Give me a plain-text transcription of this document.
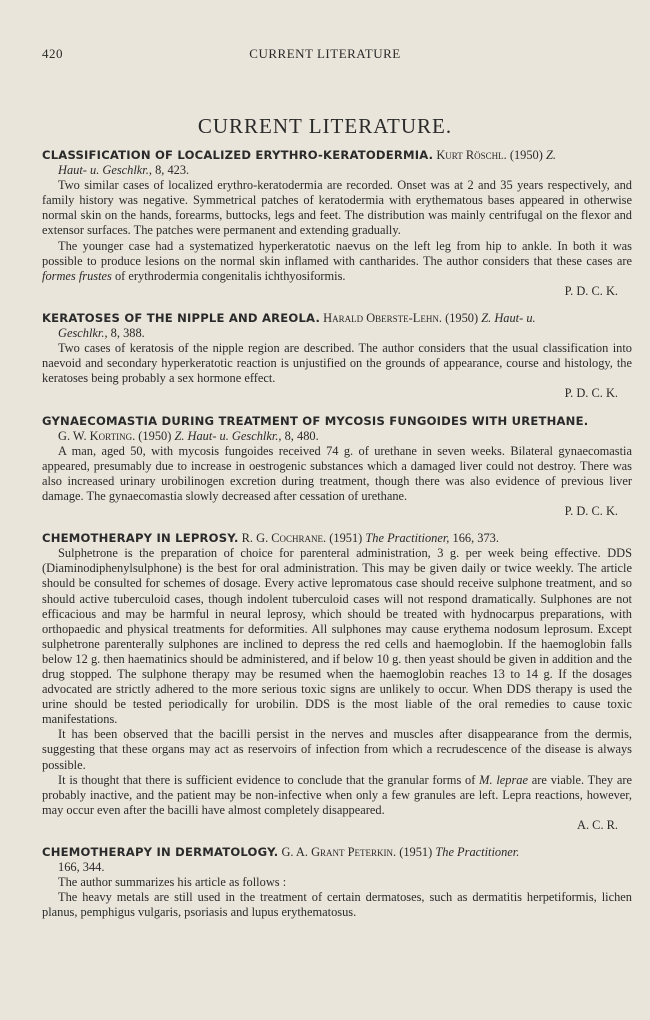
420	CURRENT LITERATURE
CURRENT LITERATURE.

CLASSIFICATION OF LOCALIZED ERYTHRO-KERATODERMIA. Kurt Röschl. (1950) Z.
Haut- u. Geschlkr., 8, 423.

Two similar cases of localized erythro-keratodermia are recorded. Onset was at 2 and 35 years respectively, and family history was negative. Symmetrical patches of keratodermia with erythematous bases appeared in otherwise normal skin on the hands, forearms, buttocks, legs and feet. The distribution was mainly centrifugal on the flexor and extensor surfaces. The patches were permanent and extending gradually.

The younger case had a systematized hyperkeratotic naevus on the left leg from hip to ankle. In both it was possible to produce lesions on the normal skin inflamed with cantharides. The author considers that these cases are formes frustes of erythrodermia congenitalis ichthyosiformis.

P. D. C. K.

KERATOSES OF THE NIPPLE AND AREOLA. Harald Oberste-Lehn. (1950) Z. Haut- u.
Geschlkr., 8, 388.

Two cases of keratosis of the nipple region are described. The author considers that the usual classification into naevoid and secondary hyperkeratotic reaction is unjustified on the grounds of appearance, course and histology, the keratoses being probably a sex hormone effect.

P. D. C. K.

GYNAECOMASTIA DURING TREATMENT OF MYCOSIS FUNGOIDES WITH URETHANE.
G. W. Korting. (1950) Z. Haut- u. Geschlkr., 8, 480.

A man, aged 50, with mycosis fungoides received 74 g. of urethane in seven weeks. Bilateral gynaecomastia appeared, presumably due to increase in oestrogenic substances which a damaged liver could not destroy. There was also increased urinary urobilinogen excretion during treatment, though there was also evidence of previous liver damage. The gynaecomastia slowly decreased after cessation of urethane.

P. D. C. K.

CHEMOTHERAPY IN LEPROSY. R. G. Cochrane. (1951) The Practitioner, 166, 373.

Sulphetrone is the preparation of choice for parenteral administration, 3 g. per week being effective. DDS (Diaminodiphenylsulphone) is the best for oral administration. This may be given daily or twice weekly. The article should be consulted for schemes of dosage. Every active lepromatous case should receive sulphone treatment, and so should active tuberculoid cases, though indolent tuberculoid cases will not respond dramatically. Sulphones are not efficacious and may be harmful in neural leprosy, which should be treated with hydnocarpus preparations, with orthopaedic and physical treatments for deformities. All sulphones may cause erythema nodosum leprosum. Except sulphetrone parenterally sulphones are inclined to depress the red cells and haemoglobin. If the haemoglobin falls below 12 g. then haematinics should be administered, and if below 10 g. then yeast should be given in addition and the drug stopped. The sulphone therapy may be resumed when the haemoglobin reaches 13 to 14 g. If the dosages advocated are strictly adhered to the more serious toxic signs are unlikely to occur. When DDS therapy is used the urine should be tested periodically for urobilin. DDS is the most liable of the oral remedies to cause toxic manifestations.

It has been observed that the bacilli persist in the nerves and muscles after disappearance from the dermis, suggesting that these organs may act as reservoirs of infection from which a recrudescence of the disease is always possible.

It is thought that there is sufficient evidence to conclude that the granular forms of M. leprae are viable. They are probably inactive, and the patient may be non-infective when only a few granules are left. Lepra reactions, however, may occur even after the bacilli have almost completely disappeared.

A. C. R.

CHEMOTHERAPY IN DERMATOLOGY. G. A. Grant Peterkin. (1951) The Practitioner.
166, 344.

The author summarizes his article as follows :

The heavy metals are still used in the treatment of certain dermatoses, such as dermatitis herpetiformis, lichen planus, pemphigus vulgaris, psoriasis and lupus erythematosus.
